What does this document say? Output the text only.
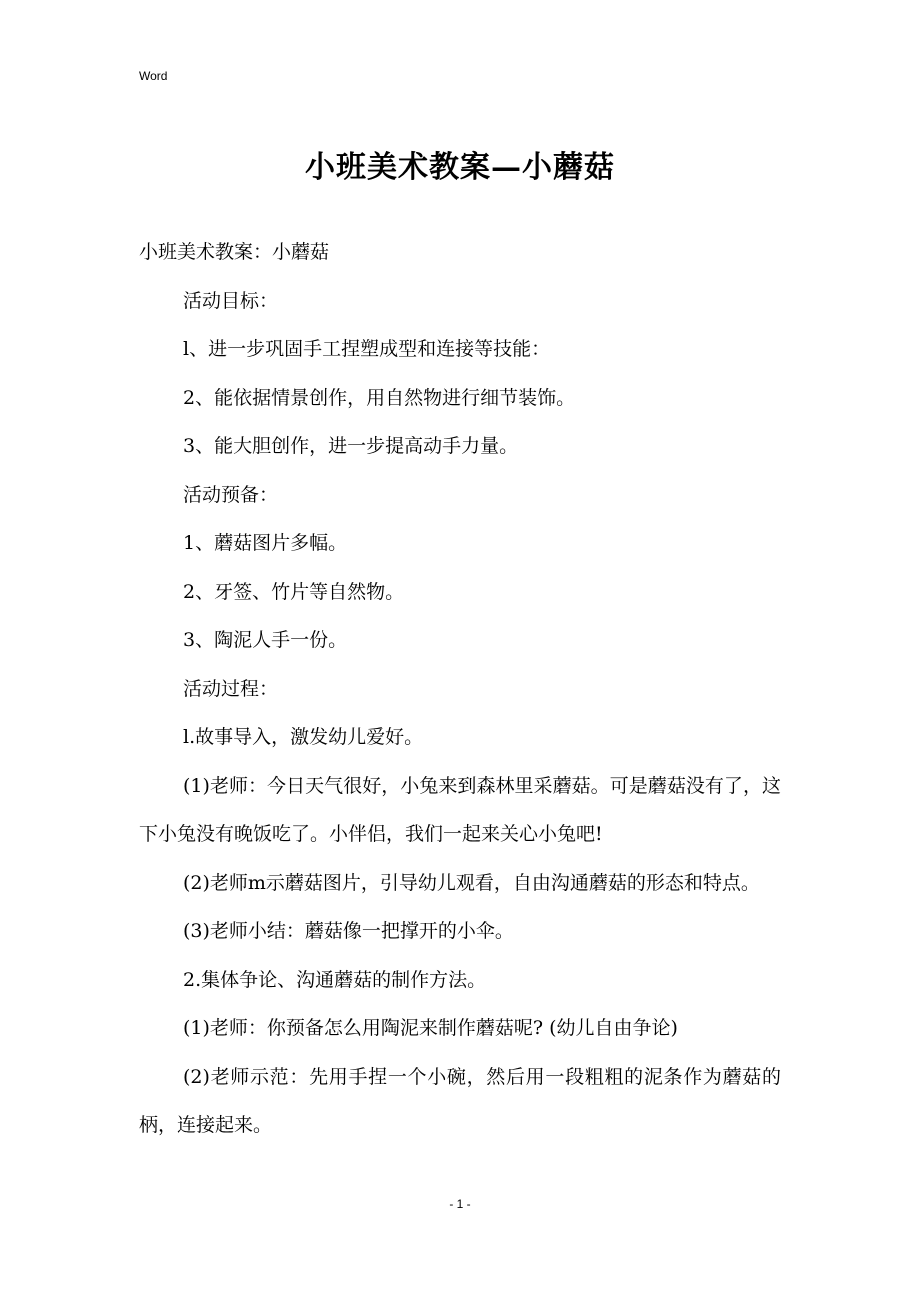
Word
小班美术教案—小蘑菇

小班美术教案：小蘑菇

活动目标：

l、进一步巩固手工捏塑成型和连接等技能：

2、能依据情景创作，用自然物进行细节装饰。

3、能大胆创作，进一步提高动手力量。

活动预备：

1、蘑菇图片多幅。

2、牙签、竹片等自然物。

3、陶泥人手一份。

活动过程：

l.故事导入，激发幼儿爱好。

(1)老师：今日天气很好，小兔来到森林里采蘑菇。可是蘑菇没有了，这下小兔没有晚饭吃了。小伴侣，我们一起来关心小兔吧!

(2)老师m示蘑菇图片，引导幼儿观看，自由沟通蘑菇的形态和特点。

(3)老师小结：蘑菇像一把撑开的小伞。

2.集体争论、沟通蘑菇的制作方法。

(1)老师：你预备怎么用陶泥来制作蘑菇呢? (幼儿自由争论)

(2)老师示范：先用手捏一个小碗，然后用一段粗粗的泥条作为蘑菇的柄，连接起来。

- 1 -
